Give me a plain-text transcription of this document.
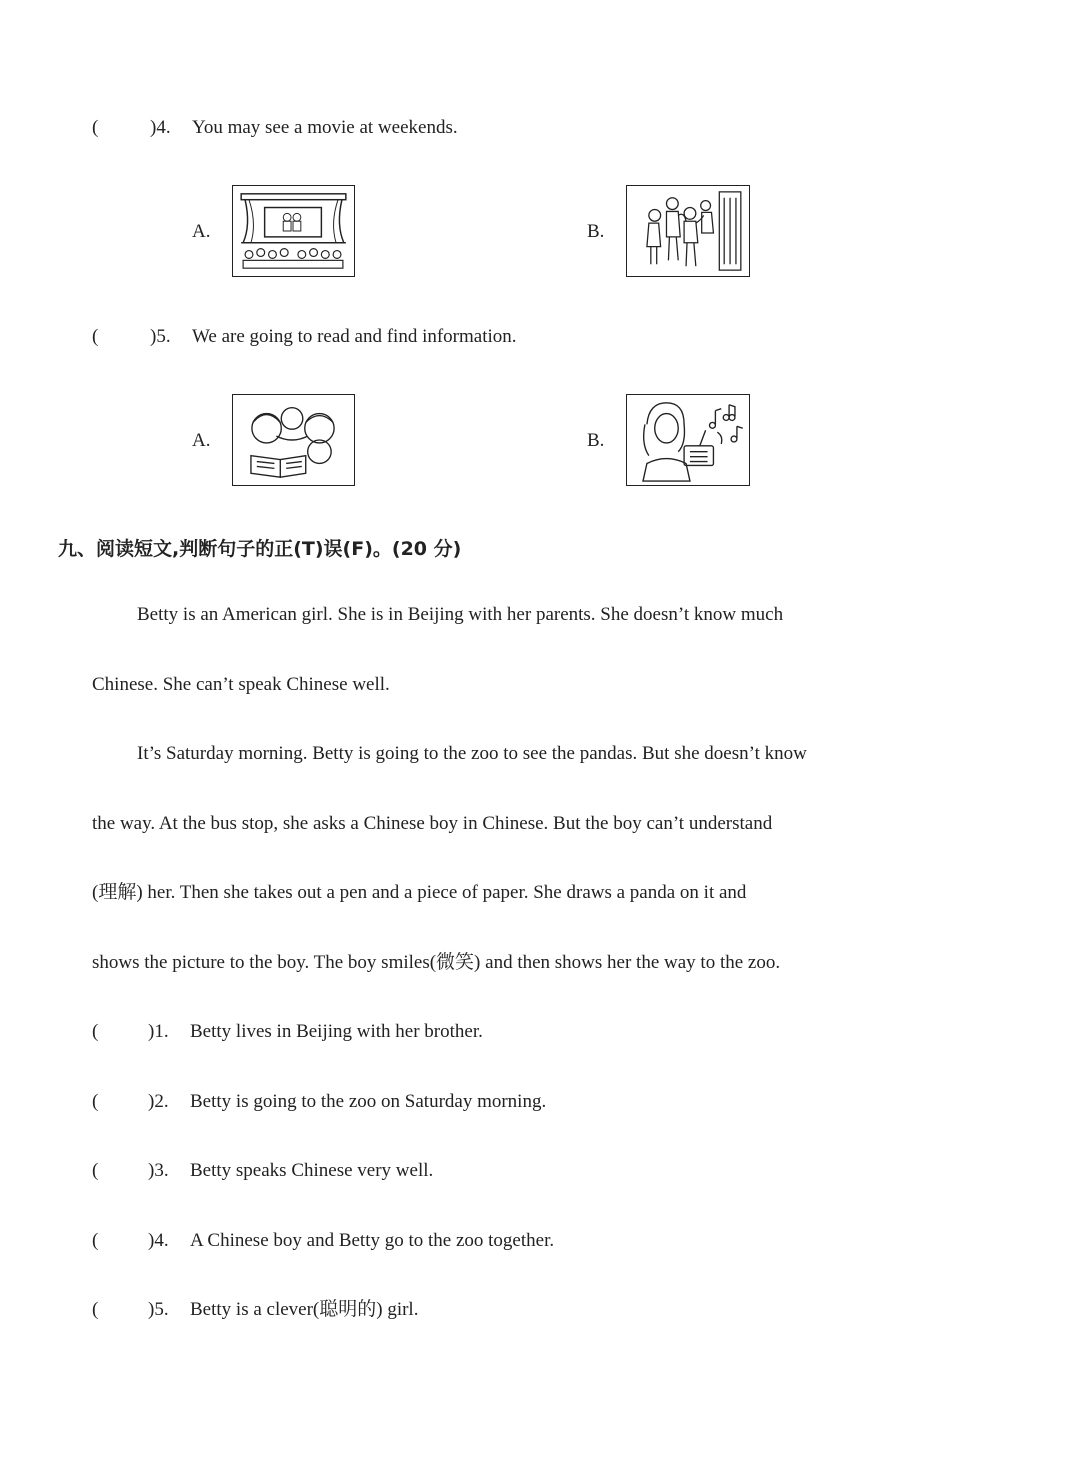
(	)4. You may see a movie at weekends.
A.	B.
(	)5. We are going to read and find information.
A.	B.
九、阅读短文,判断句子的正(T)误(F)。(20 分)
Betty is an American girl. She is in Beijing with her parents. She doesn’t know much
Chinese. She can’t speak Chinese well.
It’s Saturday morning. Betty is going to the zoo to see the pandas. But she doesn’t know
the way. At the bus stop, she asks a Chinese boy in Chinese. But the boy can’t understand
(理解) her. Then she takes out a pen and a piece of paper. She draws a panda on it and
shows the picture to the boy. The boy smiles(微笑) and then shows her the way to the zoo.
(	)1. Betty lives in Beijing with her brother.
(	)2. Betty is going to the zoo on Saturday morning.
(	)3. Betty speaks Chinese very well.
(	)4. A Chinese boy and Betty go to the zoo together.
(	)5. Betty is a clever(聪明的) girl.
